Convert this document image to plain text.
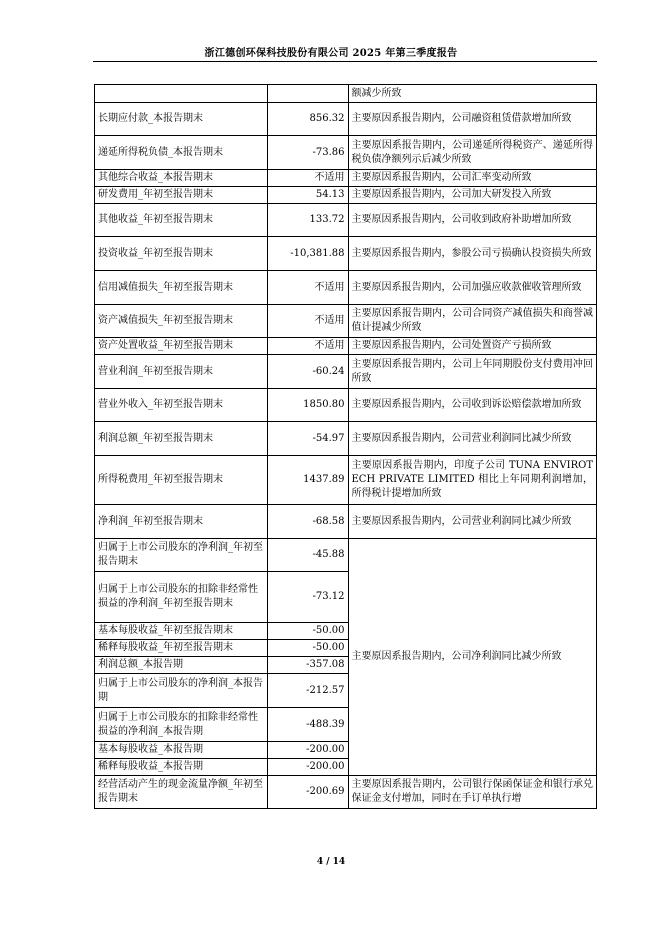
浙江德创环保科技股份有限公司 2025 年第三季度报告
		额减少所致
长期应付款_本报告期末	856.32	主要原因系报告期内，公司融资租赁借款增加所致
递延所得税负债_本报告期末	-73.86	主要原因系报告期内，公司递延所得税资产、递延所得税负债净额列示后减少所致
其他综合收益_本报告期末	不适用	主要原因系报告期内，公司汇率变动所致
研发费用_年初至报告期末	54.13	主要原因系报告期内，公司加大研发投入所致
其他收益_年初至报告期末	133.72	主要原因系报告期内，公司收到政府补助增加所致
投资收益_年初至报告期末	-10,381.88	主要原因系报告期内，参股公司亏损确认投资损失所致
信用减值损失_年初至报告期末	不适用	主要原因系报告期内，公司加强应收款催收管理所致
资产减值损失_年初至报告期末	不适用	主要原因系报告期内，公司合同资产减值损失和商誉减值计提减少所致
资产处置收益_年初至报告期末	不适用	主要原因系报告期内，公司处置资产亏损所致
营业利润_年初至报告期末	-60.24	主要原因系报告期内，公司上年同期股份支付费用冲回所致
营业外收入_年初至报告期末	1850.80	主要原因系报告期内，公司收到诉讼赔偿款增加所致
利润总额_年初至报告期末	-54.97	主要原因系报告期内，公司营业利润同比减少所致
所得税费用_年初至报告期末	1437.89	主要原因系报告期内，印度子公司 TUNA ENVIROTECH PRIVATE LIMITED 相比上年同期利润增加，所得税计提增加所致
净利润_年初至报告期末	-68.58	主要原因系报告期内，公司营业利润同比减少所致
归属于上市公司股东的净利润_年初至报告期末	-45.88	主要原因系报告期内，公司净利润同比减少所致
归属于上市公司股东的扣除非经常性损益的净利润_年初至报告期末	-73.12	
基本每股收益_年初至报告期末	-50.00	
稀释每股收益_年初至报告期末	-50.00	
利润总额_本报告期	-357.08	
归属于上市公司股东的净利润_本报告期	-212.57	
归属于上市公司股东的扣除非经常性损益的净利润_本报告期	-488.39	
基本每股收益_本报告期	-200.00	
稀释每股收益_本报告期	-200.00	
经营活动产生的现金流量净额_年初至报告期末	-200.69	主要原因系报告期内，公司银行保函保证金和银行承兑保证金支付增加，同时在手订单执行增
4 / 14
